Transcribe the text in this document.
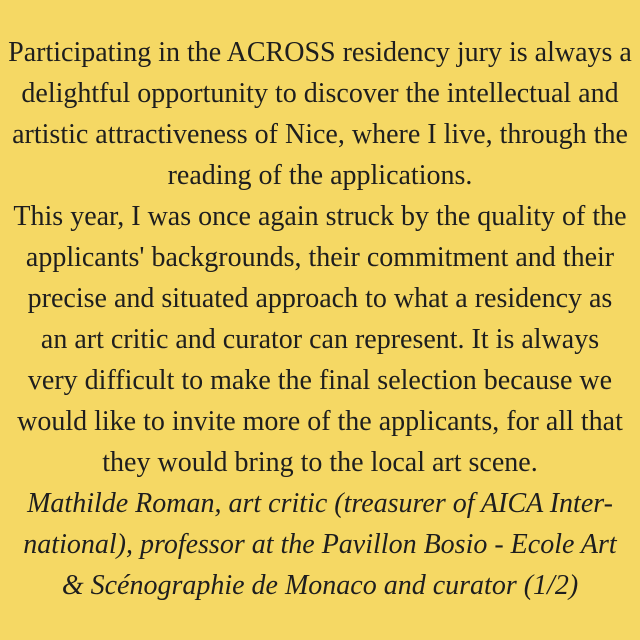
Participating in the ACROSS residency jury is always a
delightful opportunity to discover the intellectual and
artistic attractiveness of Nice, where I live, through the
reading of the applications.
This year, I was once again struck by the quality of the
applicants' backgrounds, their commitment and their
precise and situated approach to what a residency as
an art critic and curator can represent. It is always
very difficult to make the final selection because we
would like to invite more of the applicants, for all that
they would bring to the local art scene.
Mathilde Roman, art critic (treasurer of AICA Inter-
national), professor at the Pavillon Bosio - Ecole Art
& Scénographie de Monaco and curator (1/2)
